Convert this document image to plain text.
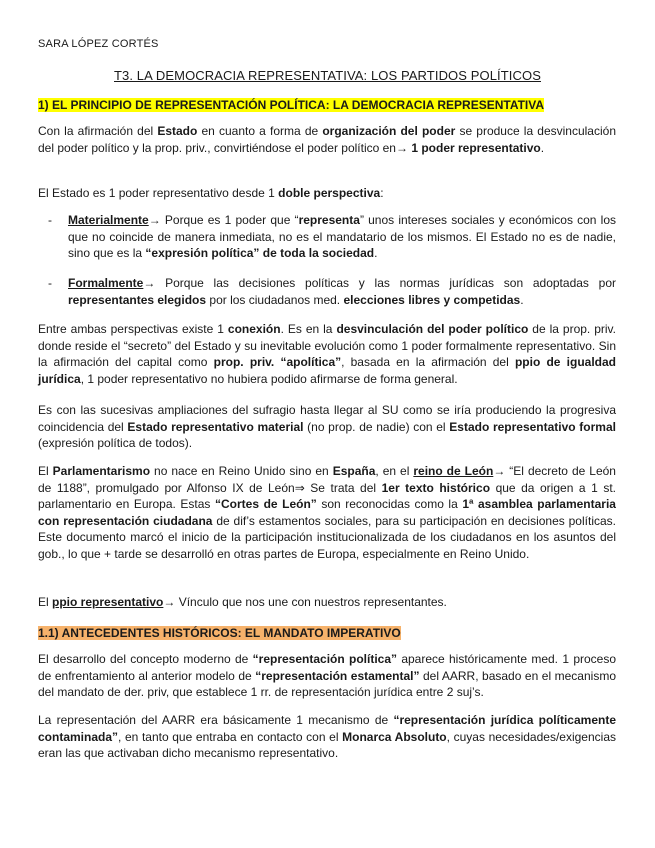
SARA LÓPEZ CORTÉS
T3. LA DEMOCRACIA REPRESENTATIVA: LOS PARTIDOS POLÍTICOS
1) EL PRINCIPIO DE REPRESENTACIÓN POLÍTICA: LA DEMOCRACIA REPRESENTATIVA

Con la afirmación del Estado en cuanto a forma de organización del poder se produce la desvinculación del poder político y la prop. priv., convirtiéndose el poder político en→ 1 poder representativo.

El Estado es 1 poder representativo desde 1 doble perspectiva:

- Materialmente→ Porque es 1 poder que “representa” unos intereses sociales y económicos con los que no coincide de manera inmediata, no es el mandatario de los mismos. El Estado no es de nadie, sino que es la “expresión política” de toda la sociedad.
- Formalmente→ Porque las decisiones políticas y las normas jurídicas son adoptadas por representantes elegidos por los ciudadanos med. elecciones libres y competidas.

Entre ambas perspectivas existe 1 conexión. Es en la desvinculación del poder político de la prop. priv. donde reside el “secreto” del Estado y su inevitable evolución como 1 poder formalmente representativo. Sin la afirmación del capital como prop. priv. “apolítica”, basada en la afirmación del ppio de igualdad jurídica, 1 poder representativo no hubiera podido afirmarse de forma general.

Es con las sucesivas ampliaciones del sufragio hasta llegar al SU como se iría produciendo la progresiva coincidencia del Estado representativo material (no prop. de nadie) con el Estado representativo formal (expresión política de todos).

El Parlamentarismo no nace en Reino Unido sino en España, en el reino de León→ “El decreto de León de 1188”, promulgado por Alfonso IX de León⇒ Se trata del 1er texto histórico que da origen a 1 st. parlamentario en Europa. Estas “Cortes de León” son reconocidas como la 1ª asamblea parlamentaria con representación ciudadana de dif’s estamentos sociales, para su participación en decisiones políticas. Este documento marcó el inicio de la participación institucionalizada de los ciudadanos en los asuntos del gob., lo que + tarde se desarrolló en otras partes de Europa, especialmente en Reino Unido.

El ppio representativo→ Vínculo que nos une con nuestros representantes.

1.1) ANTECEDENTES HISTÓRICOS: EL MANDATO IMPERATIVO

El desarrollo del concepto moderno de “representación política” aparece históricamente med. 1 proceso de enfrentamiento al anterior modelo de “representación estamental” del AARR, basado en el mecanismo del mandato de der. priv, que establece 1 rr. de representación jurídica entre 2 suj’s.

La representación del AARR era básicamente 1 mecanismo de “representación jurídica políticamente contaminada”, en tanto que entraba en contacto con el Monarca Absoluto, cuyas necesidades/exigencias eran las que activaban dicho mecanismo representativo.
